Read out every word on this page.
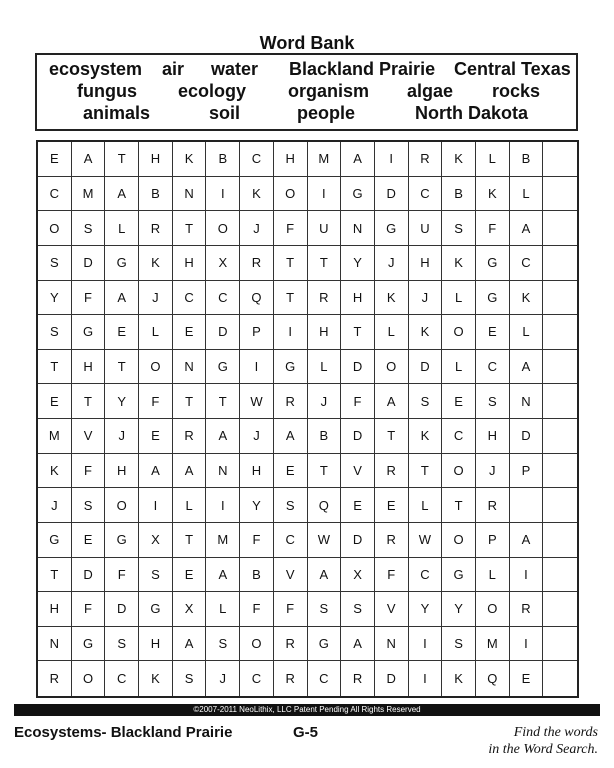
Word Bank
ecosystem air water Blackland Prairie Central Texas
fungus ecology organism algae rocks
animals	soil	people	North Dakota
E	A	T	H	K	B	C	H	M	A	I	R	K	L	B
C	M	A	B	N	I	K	O	I	G	D	C	B	K	L
O	S	L	R	T	O	J	F	U	N	G	U	S	F	A
S	D	G	K	H	X	R	T	T	Y	J	H	K	G	C
Y	F	A	J	C	C	Q	T	R	H	K	J	L	G	K
S	G	E	L	E	D	P	I	H	T	L	K	O	E	L
T	H	T	O	N	G	I	G	L	D	O	D	L	C	A
E	T	Y	F	T	T	W	R	J	F	A	S	E	S	N
M	V	J	E	R	A	J	A	B	D	T	K	C	H	D
K	F	H	A	A	N	H	E	T	V	R	T	O	J	P
J	S	O	I	L	I	Y	S	Q	E	E	L	T	R
G	E	G	X	T	M	F	C	W	D	R	W	O	P	A
T	D	F	S	E	A	B	V	A	X	F	C	G	L	I
H	F	D	G	X	L	F	F	S	S	V	Y	Y	O	R
N	G	S	H	A	S	O	R	G	A	N	I	S	M	I
R	O	C	K	S	J	C	R	C	R	D	I	K	Q	E
©2007-2011 NeoLithix, LLC Patent Pending All Rights Reserved
Ecosystems- Blackland Prairie	G-5	Find the words
in the Word Search.
